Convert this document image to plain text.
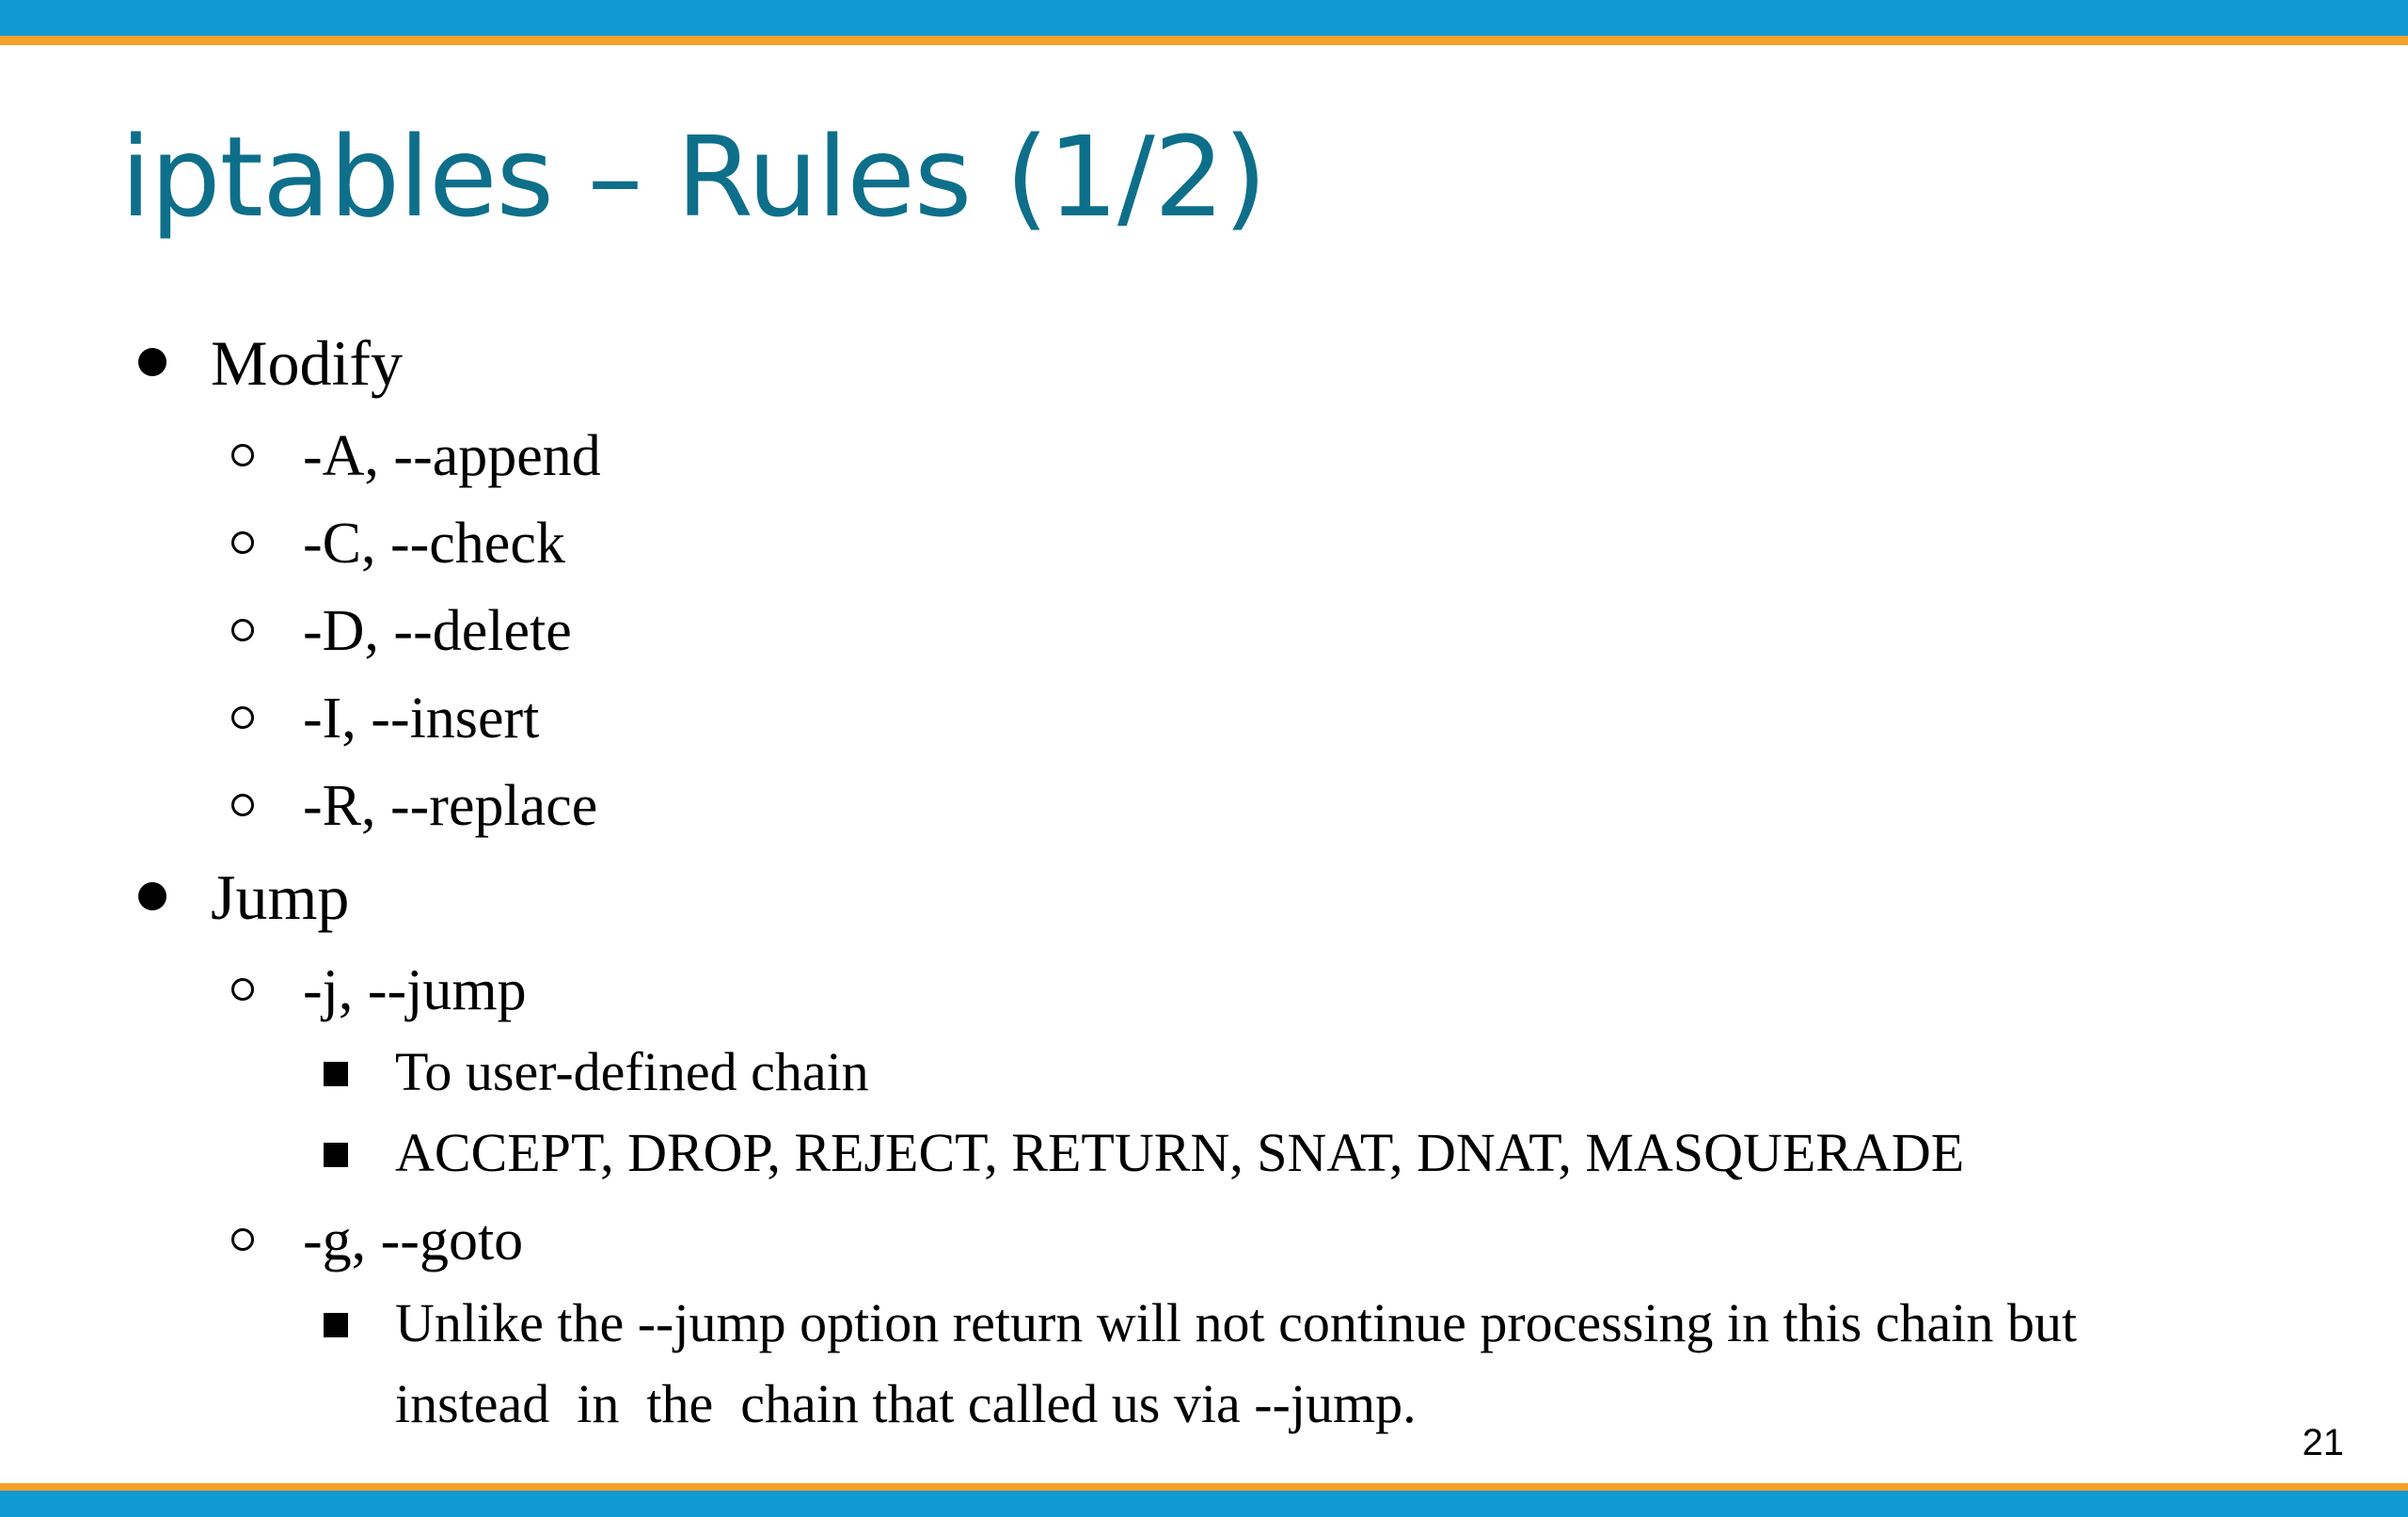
iptables – Rules (1/2)
Modify
-A, --append
-C, --check
-D, --delete
-I, --insert
-R, --replace
Jump
-j, --jump
To user-defined chain
ACCEPT, DROP, REJECT, RETURN, SNAT, DNAT, MASQUERADE
-g, --goto
Unlike the --jump option return will not continue processing in this chain but
instead  in  the  chain that called us via --jump.
21
